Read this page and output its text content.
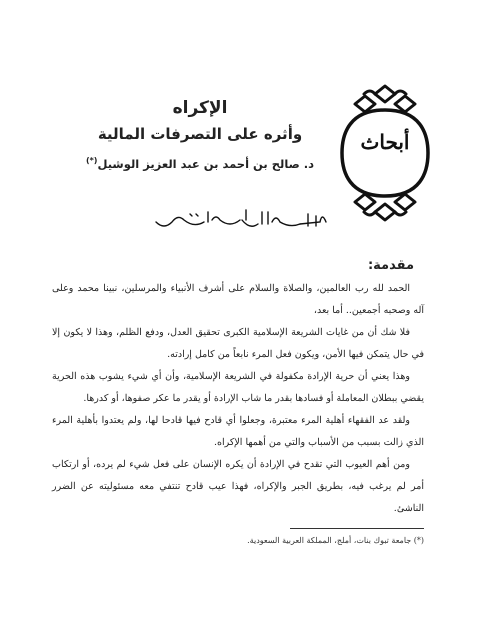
أبحاث

الإكراه

وأثره على التصرفات المالية

د. صالح بن أحمد بن عبد العزيز الوشيل(*)

مقدمة:

الحمد لله رب العالمين، والصلاة والسلام على أشرف الأنبياء والمرسلين، نبينا محمد وعلى آله وصحبه أجمعين.. أما بعد،

فلا شك أن من غايات الشريعة الإسلامية الكبرى تحقيق العدل، ودفع الظلم، وهذا لا يكون إلا في حال يتمكن فيها الأمن، ويكون فعل المرء نابعاً من كامل إرادته.

وهذا يعني أن حرية الإرادة مكفولة في الشريعة الإسلامية، وأن أي شيء يشوب هذه الحرية يقضي ببطلان المعاملة أو فسادها بقدر ما شاب الإرادة أو يقدر ما عكر صفوها، أو كدرها.

ولقد عد الفقهاء أهلية المرء معتبرة، وجعلوا أي قادح فيها قادحا لها، ولم يعتدوا بأهلية المرء الذي زالت بسبب من الأسباب والتي من أهمها الإكراه.

ومن أهم العيوب التي تقدح في الإرادة أن يكره الإنسان على فعل شيء لم يرده، أو ارتكاب أمر لم يرغب فيه، بطريق الجبر والإكراه، فهذا عيب قادح تنتفي معه مسئوليته عن الضرر الناشئ.

(*) جامعة تبوك بنات، أملج، المملكة العربية السعودية.
